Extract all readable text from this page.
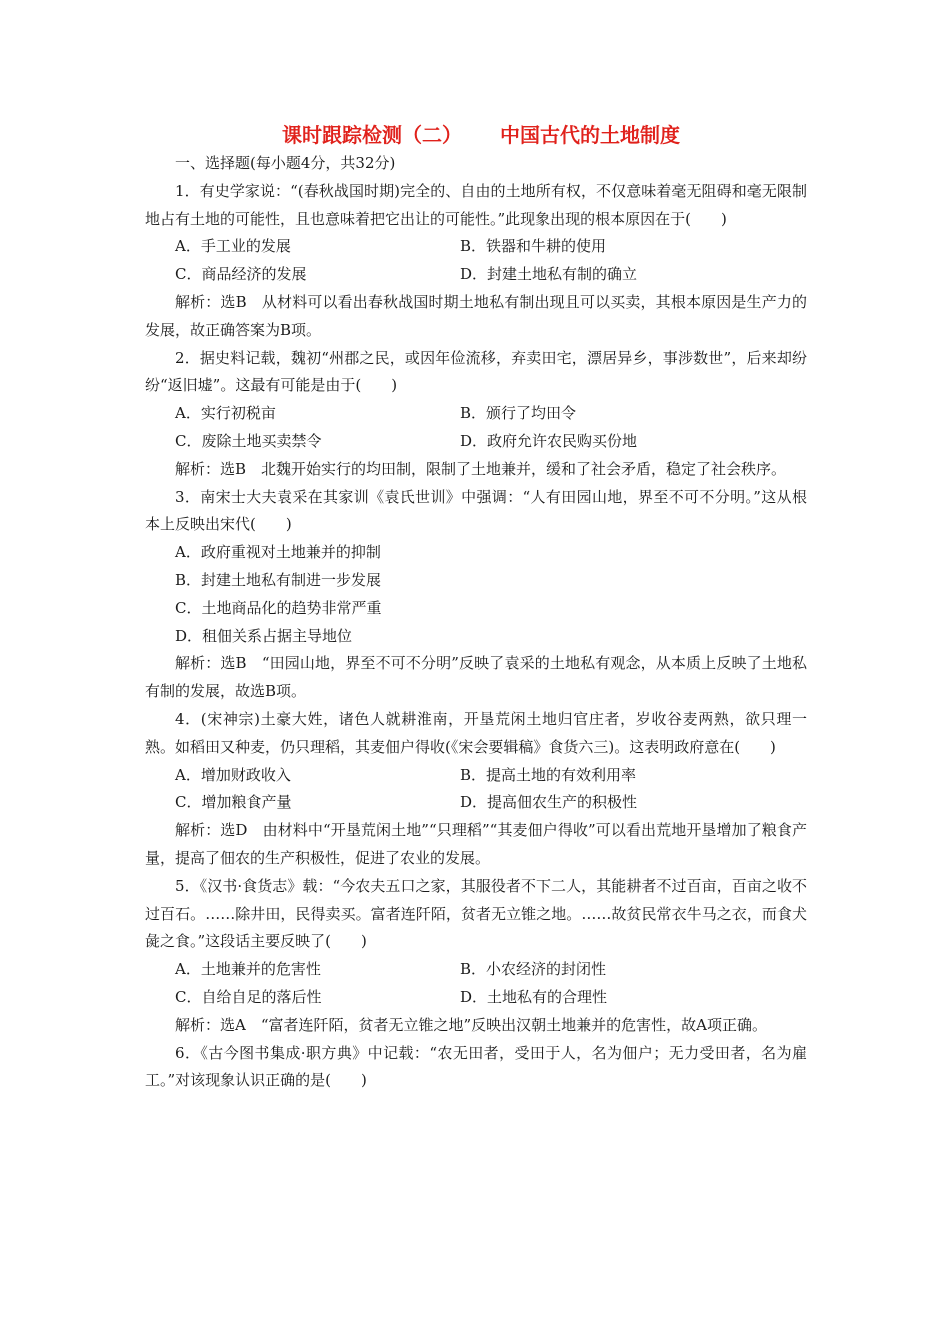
课时跟踪检测（二） 中国古代的土地制度

一、选择题(每小题4分，共32分)

1．有史学家说：“(春秋战国时期)完全的、自由的土地所有权，不仅意味着毫无阻碍和毫无限制地占有土地的可能性，且也意味着把它出让的可能性。”此现象出现的根本原因在于(　　)

A．手工业的发展	B．铁器和牛耕的使用

C．商品经济的发展	D．封建土地私有制的确立

解析：选B　从材料可以看出春秋战国时期土地私有制出现且可以买卖，其根本原因是生产力的发展，故正确答案为B项。

2．据史料记载，魏初“州郡之民，或因年俭流移，弃卖田宅，漂居异乡，事涉数世”，后来却纷纷“返旧墟”。这最有可能是由于(　　)

A．实行初税亩	B．颁行了均田令

C．废除土地买卖禁令	D．政府允许农民购买份地

解析：选B　北魏开始实行的均田制，限制了土地兼并，缓和了社会矛盾，稳定了社会秩序。

3．南宋士大夫袁采在其家训《袁氏世训》中强调：“人有田园山地，界至不可不分明。”这从根本上反映出宋代(　　)

A．政府重视对土地兼并的抑制

B．封建土地私有制进一步发展

C．土地商品化的趋势非常严重

D．租佃关系占据主导地位

解析：选B　“田园山地，界至不可不分明”反映了袁采的土地私有观念，从本质上反映了土地私有制的发展，故选B项。

4．(宋神宗)土豪大姓，诸色人就耕淮南，开垦荒闲土地归官庄者，岁收谷麦两熟，欲只理一熟。如稻田又种麦，仍只理稻，其麦佃户得收(《宋会要辑稿》食货六三)。这表明政府意在(　　)

A．增加财政收入	B．提高土地的有效利用率

C．增加粮食产量	D．提高佃农生产的积极性

解析：选D　由材料中“开垦荒闲土地”“只理稻”“其麦佃户得收”可以看出荒地开垦增加了粮食产量，提高了佃农的生产积极性，促进了农业的发展。

5．《汉书·食货志》载：“今农夫五口之家，其服役者不下二人，其能耕者不过百亩，百亩之收不过百石。……除井田，民得卖买。富者连阡陌，贫者无立锥之地。……故贫民常衣牛马之衣，而食犬彘之食。”这段话主要反映了(　　)

A．土地兼并的危害性	B．小农经济的封闭性

C．自给自足的落后性	D．土地私有的合理性

解析：选A　“富者连阡陌，贫者无立锥之地”反映出汉朝土地兼并的危害性，故A项正确。

6．《古今图书集成·职方典》中记载：“农无田者，受田于人，名为佃户；无力受田者，名为雇工。”对该现象认识正确的是(　　)
